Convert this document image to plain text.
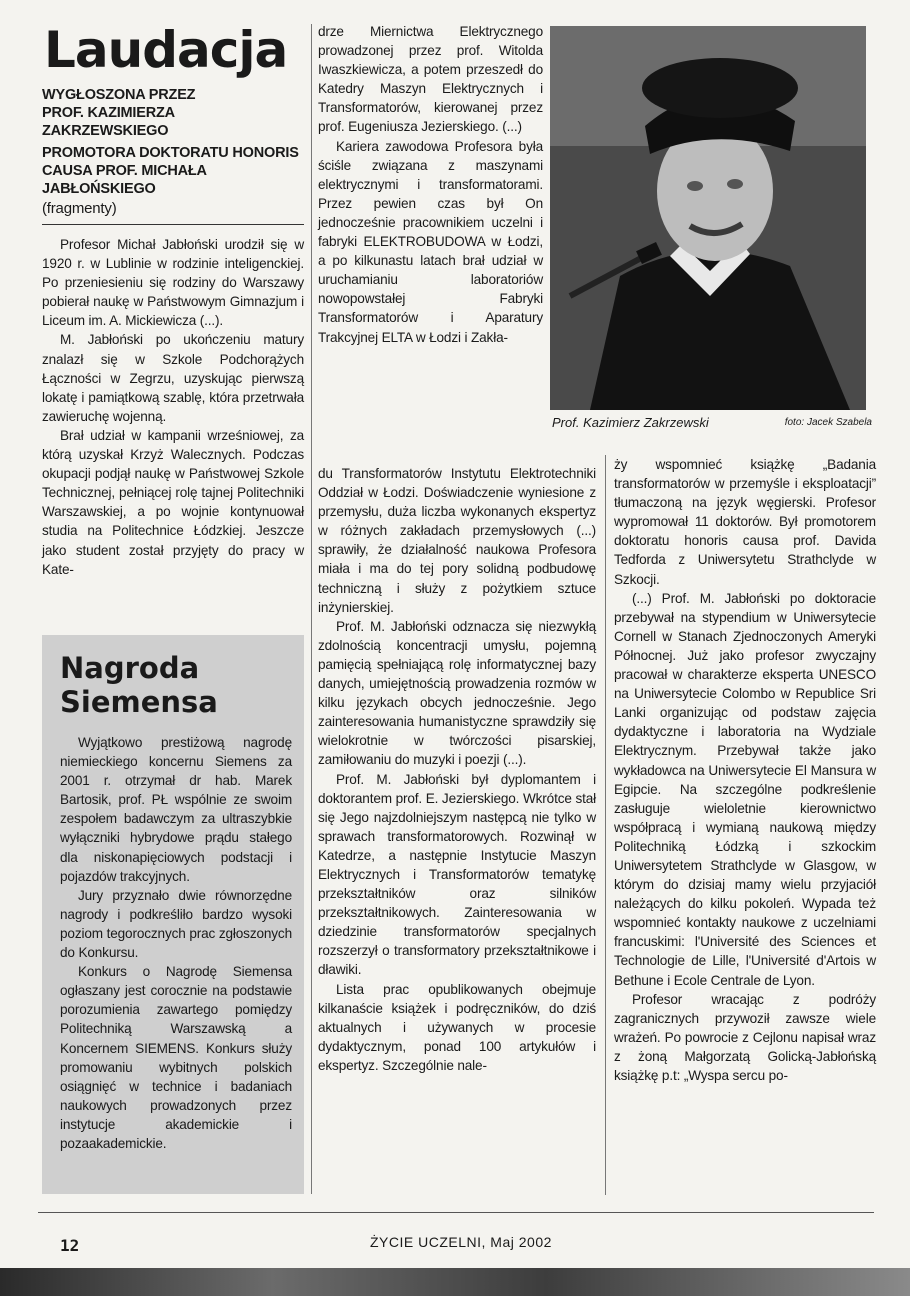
Laudacja
WYGŁOSZONA PRZEZ
PROF. KAZIMIERZA ZAKRZEWSKIEGO
PROMOTORA DOKTORATU HONORIS
CAUSA PROF. MICHAŁA JABŁOŃSKIEGO
(fragmenty)

Profesor Michał Jabłoński urodził się w 1920 r. w Lublinie w rodzinie inteligenckiej. Po przeniesieniu się rodziny do Warszawy pobierał naukę w Państwowym Gimnazjum i Liceum im. A. Mickiewicza (...).

M. Jabłoński po ukończeniu matury znalazł się w Szkole Podchorążych Łączności w Zegrzu, uzyskując pierwszą lokatę i pamiątkową szablę, która przetrwała zawieruchę wojenną.

Brał udział w kampanii wrześniowej, za którą uzyskał Krzyż Walecznych. Podczas okupacji podjął naukę w Państwowej Szkole Technicznej, pełniącej rolę tajnej Politechniki Warszawskiej, a po wojnie kontynuował studia na Politechnice Łódzkiej. Jeszcze jako student został przyjęty do pracy w Kate-

Nagroda
Siemensa

Wyjątkowo prestiżową nagrodę niemieckiego koncernu Siemens za 2001 r. otrzymał dr hab. Marek Bartosik, prof. PŁ wspólnie ze swoim zespołem badawczym za ultraszybkie wyłączniki hybrydowe prądu stałego dla niskonapięciowych podstacji i pojazdów trakcyjnych.

Jury przyznało dwie równorzędne nagrody i podkreśliło bardzo wysoki poziom tegorocznych prac zgłoszonych do Konkursu.

Konkurs o Nagrodę Siemensa ogłaszany jest corocznie na podstawie porozumienia zawartego pomiędzy Politechniką Warszawską a Koncernem SIEMENS. Konkurs służy promowaniu wybitnych polskich osiągnięć w technice i badaniach naukowych prowadzonych przez instytucje akademickie i pozaakademickie.

drze Miernictwa Elektrycznego prowadzonej przez prof. Witolda Iwaszkiewicza, a potem przeszedł do Katedry Maszyn Elektrycznych i Transformatorów, kierowanej przez prof. Eugeniusza Jezierskiego. (...)

Kariera zawodowa Profesora była ściśle związana z maszynami elektrycznymi i transformatorami. Przez pewien czas był On jednocześnie pracownikiem uczelni i fabryki ELEKTROBUDOWA w Łodzi, a po kilkunastu latach brał udział w uruchamianiu laboratoriów nowopowstałej Fabryki Transformatorów i Aparatury Trakcyjnej ELTA w Łodzi i Zakła-

du Transformatorów Instytutu Elektrotechniki Oddział w Łodzi. Doświadczenie wyniesione z przemysłu, duża liczba wykonanych ekspertyz w różnych zakładach przemysłowych (...) sprawiły, że działalność naukowa Profesora miała i ma do tej pory solidną podbudowę techniczną i służy z pożytkiem sztuce inżynierskiej.

Prof. M. Jabłoński odznacza się niezwykłą zdolnością koncentracji umysłu, pojemną pamięcią spełniającą rolę informatycznej bazy danych, umiejętnością prowadzenia rozmów w kilku językach obcych jednocześnie. Jego zainteresowania humanistyczne sprawdziły się wielokrotnie w twórczości pisarskiej, zamiłowaniu do muzyki i poezji (...).

Prof. M. Jabłoński był dyplomantem i doktorantem prof. E. Jezierskiego. Wkrótce stał się Jego najzdolniejszym następcą nie tylko w sprawach transformatorowych. Rozwinął w Katedrze, a następnie Instytucie Maszyn Elektrycznych i Transformatorów tematykę przekształtników oraz silników przekształtnikowych. Zainteresowania w dziedzinie transformatorów specjalnych rozszerzył o transformatory przekształtnikowe i dławiki.

Lista prac opublikowanych obejmuje kilkanaście książek i podręczników, do dziś aktualnych i używanych w procesie dydaktycznym, ponad 100 artykułów i ekspertyz. Szczególnie nale-

Prof. Kazimierz Zakrzewski	foto: Jacek Szabela

ży wspomnieć książkę „Badania transformatorów w przemyśle i eksploatacji” tłumaczoną na język węgierski. Profesor wypromował 11 doktorów. Był promotorem doktoratu honoris causa prof. Davida Tedforda z Uniwersytetu Strathclyde w Szkocji.

(...) Prof. M. Jabłoński po doktoracie przebywał na stypendium w Uniwersytecie Cornell w Stanach Zjednoczonych Ameryki Północnej. Już jako profesor zwyczajny pracował w charakterze eksperta UNESCO na Uniwersytecie Colombo w Republice Sri Lanki organizując od podstaw zajęcia dydaktyczne i laboratoria na Wydziale Elektrycznym. Przebywał także jako wykładowca na Uniwersytecie El Mansura w Egipcie. Na szczególne podkreślenie zasługuje wieloletnie kierownictwo współpracą i wymianą naukową między Politechniką Łódzką i szkockim Uniwersytetem Strathclyde w Glasgow, w którym do dzisiaj mamy wielu przyjaciół należących do kilku pokoleń. Wypada też wspomnieć kontakty naukowe z uczelniami francuskimi: l'Université des Sciences et Technologie de Lille, l'Université d'Artois w Bethune i Ecole Centrale de Lyon.

Profesor wracając z podróży zagranicznych przywoził zawsze wiele wrażeń. Po powrocie z Cejlonu napisał wraz z żoną Małgorzatą Golicką-Jabłońską książkę p.t: „Wyspa sercu po-

12	ŻYCIE UCZELNI, Maj 2002
